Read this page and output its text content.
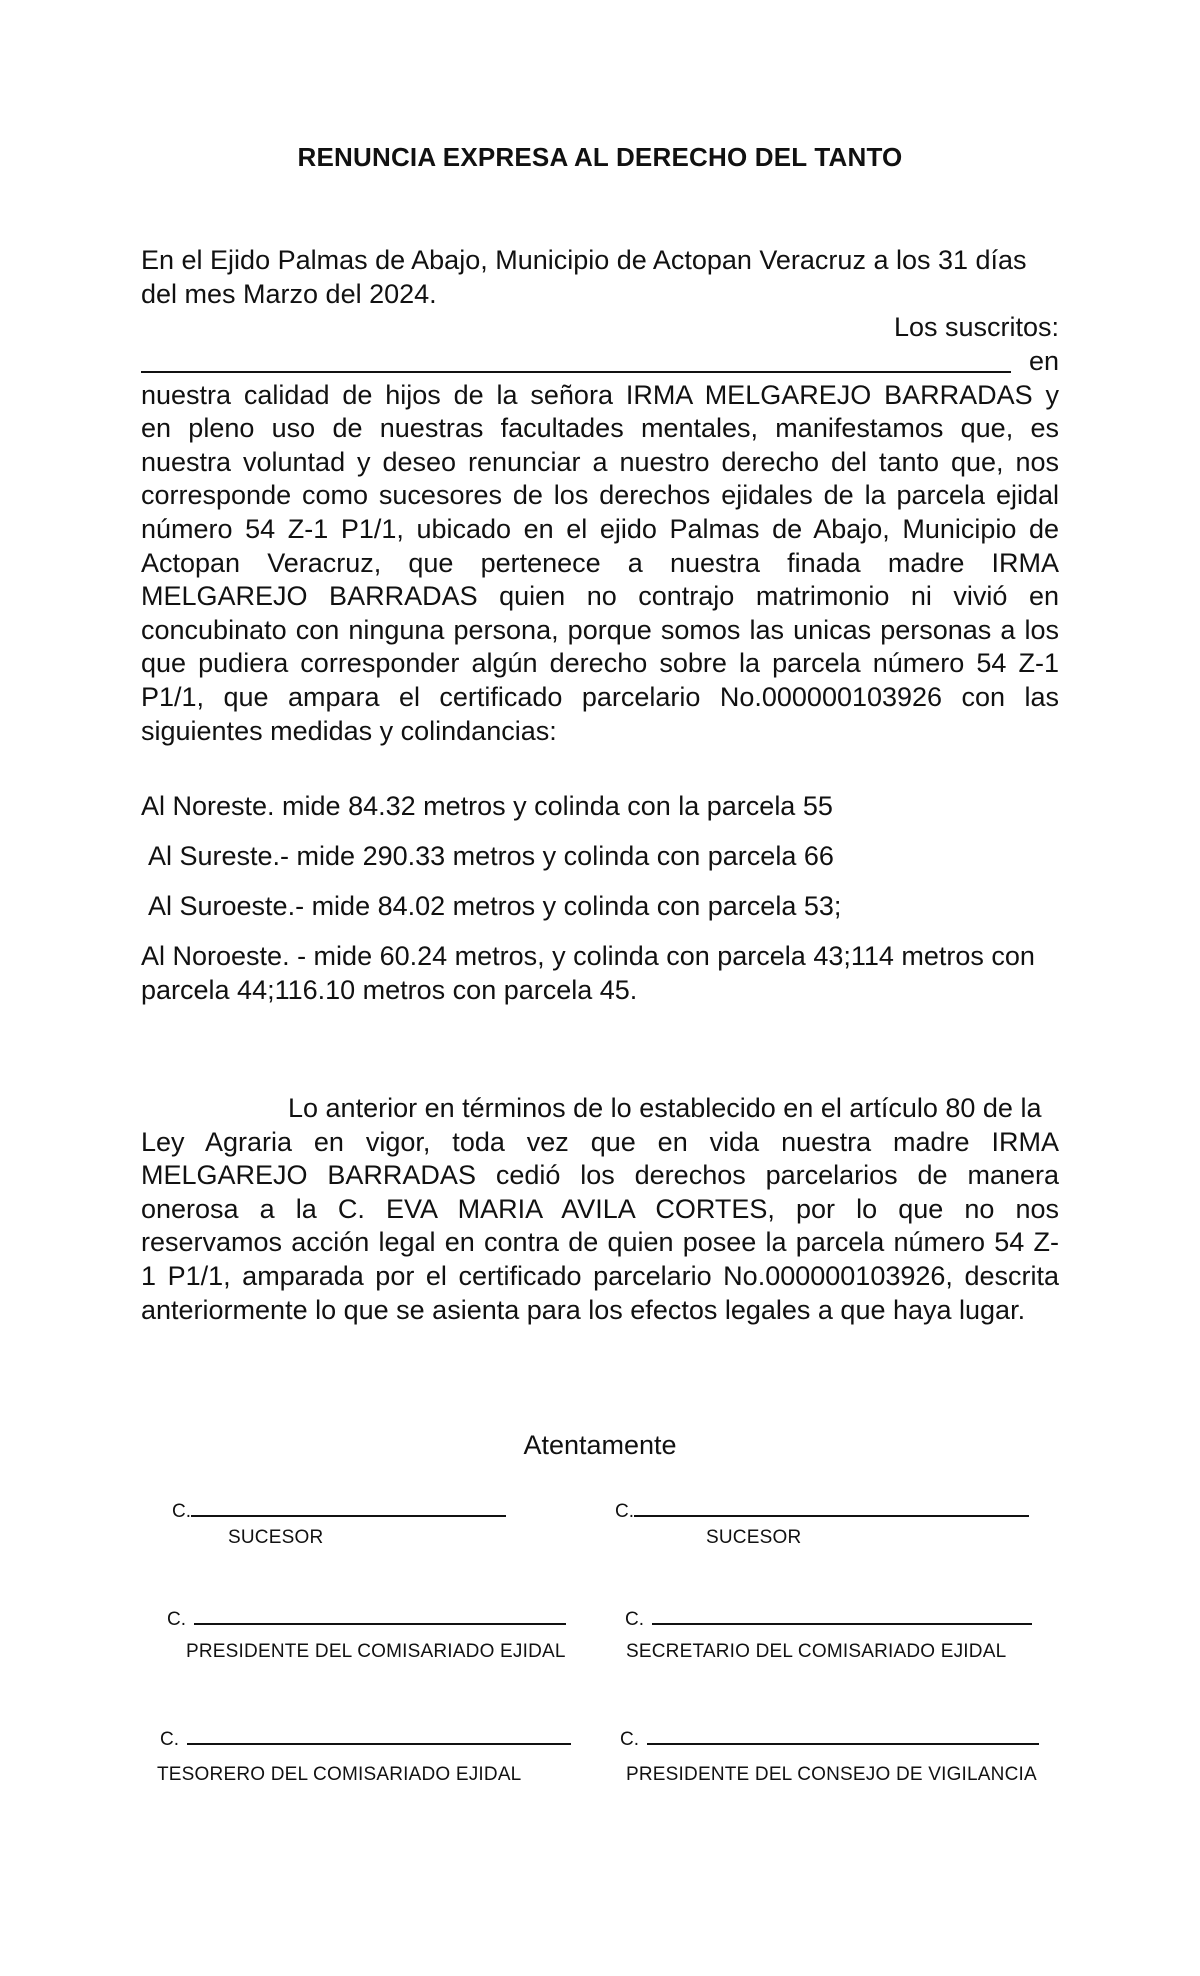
RENUNCIA EXPRESA AL DERECHO DEL TANTO
En el Ejido Palmas de Abajo, Municipio de Actopan Veracruz a los 31 días
del mes Marzo del 2024.
Los suscritos:
en
nuestra calidad de hijos de la señora IRMA MELGAREJO BARRADAS y
en pleno uso de nuestras facultades mentales, manifestamos que, es
nuestra voluntad y deseo renunciar a nuestro derecho del tanto que, nos
corresponde como sucesores de los derechos ejidales de la parcela ejidal
número 54 Z-1 P1/1, ubicado en el ejido Palmas de Abajo, Municipio de
Actopan Veracruz, que pertenece a nuestra finada madre IRMA
MELGAREJO BARRADAS quien no contrajo matrimonio ni vivió en
concubinato con ninguna persona, porque somos las unicas personas a los
que pudiera corresponder algún derecho sobre la parcela número 54 Z-1
P1/1, que ampara el certificado parcelario No.000000103926 con las
siguientes medidas y colindancias:
Al Noreste. mide 84.32 metros y colinda con la parcela 55
Al Sureste.- mide 290.33 metros y colinda con parcela 66
Al Suroeste.- mide 84.02 metros y colinda con parcela 53;
Al Noroeste. - mide 60.24 metros, y colinda con parcela 43;114 metros con
parcela 44;116.10 metros con parcela 45.
Lo anterior en términos de lo establecido en el artículo 80 de la
Ley Agraria en vigor, toda vez que en vida nuestra madre IRMA
MELGAREJO BARRADAS cedió los derechos parcelarios de manera
onerosa a la C. EVA MARIA AVILA CORTES, por lo que no nos
reservamos acción legal en contra de quien posee la parcela número 54 Z-
1 P1/1, amparada por el certificado parcelario No.000000103926, descrita
anteriormente lo que se asienta para los efectos legales a que haya lugar.
Atentamente
C.
SUCESOR
C.
SUCESOR
C.
PRESIDENTE DEL COMISARIADO EJIDAL
C.
SECRETARIO DEL COMISARIADO EJIDAL
C.
TESORERO DEL COMISARIADO EJIDAL
C.
PRESIDENTE DEL CONSEJO DE VIGILANCIA
